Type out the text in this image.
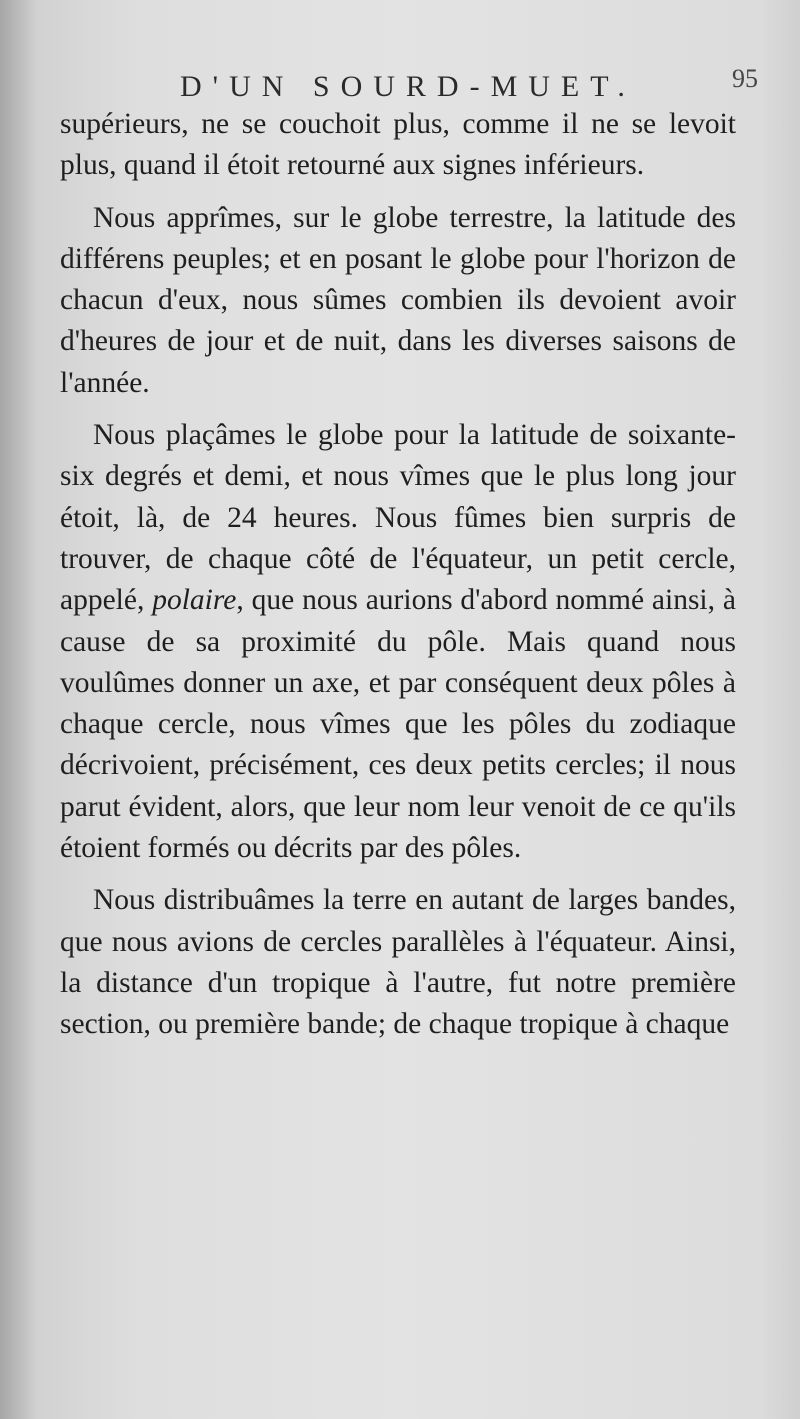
D'UN SOURD-MUET.	95

supérieurs, ne se couchoit plus, comme il ne se levoit plus, quand il étoit retourné aux signes inférieurs.

Nous apprîmes, sur le globe terrestre, la latitude des différens peuples; et en posant le globe pour l'horizon de chacun d'eux, nous sûmes combien ils devoient avoir d'heures de jour et de nuit, dans les diverses saisons de l'année.

Nous plaçâmes le globe pour la latitude de soixante-six degrés et demi, et nous vîmes que le plus long jour étoit, là, de 24 heures. Nous fûmes bien surpris de trouver, de chaque côté de l'équateur, un petit cercle, appelé, polaire, que nous aurions d'abord nommé ainsi, à cause de sa proximité du pôle. Mais quand nous voulûmes donner un axe, et par conséquent deux pôles à chaque cercle, nous vîmes que les pôles du zodiaque décrivoient, précisément, ces deux petits cercles; il nous parut évident, alors, que leur nom leur venoit de ce qu'ils étoient formés ou décrits par des pôles.

Nous distribuâmes la terre en autant de larges bandes, que nous avions de cercles parallèles à l'équateur. Ainsi, la distance d'un tropique à l'autre, fut notre première section, ou première bande; de chaque tropique à chaque
